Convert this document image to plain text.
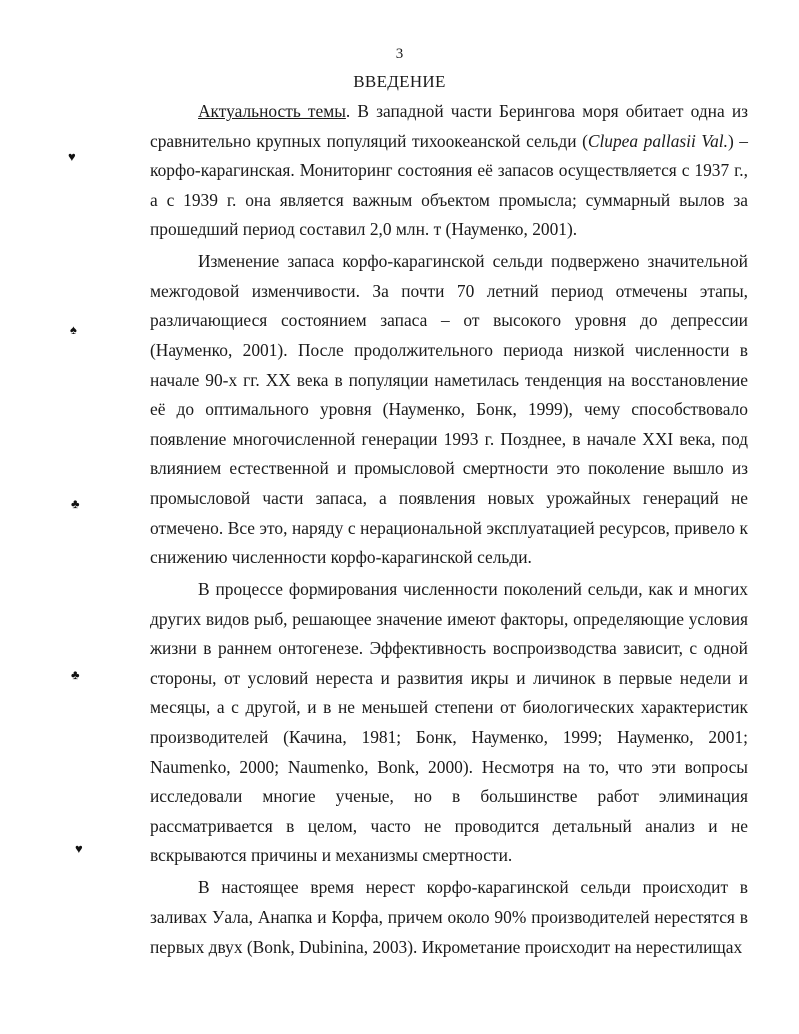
3
ВВЕДЕНИЕ

Актуальность темы. В западной части Берингова моря обитает одна из сравнительно крупных популяций тихоокеанской сельди (Clupea pallasii Val.) – корфо-карагинская. Мониторинг состояния её запасов осуществляется с 1937 г., а с 1939 г. она является важным объектом промысла; суммарный вылов за прошедший период составил 2,0 млн. т (Науменко, 2001).

Изменение запаса корфо-карагинской сельди подвержено значительной межгодовой изменчивости. За почти 70 летний период отмечены этапы, различающиеся состоянием запаса – от высокого уровня до депрессии (Науменко, 2001). После продолжительного периода низкой численности в начале 90-х гг. XX века в популяции наметилась тенденция на восстановление её до оптимального уровня (Науменко, Бонк, 1999), чему способствовало появление многочисленной генерации 1993 г. Позднее, в начале XXI века, под влиянием естественной и промысловой смертности это поколение вышло из промысловой части запаса, а появления новых урожайных генераций не отмечено. Все это, наряду с нерациональной эксплуатацией ресурсов, привело к снижению численности корфо-карагинской сельди.

В процессе формирования численности поколений сельди, как и многих других видов рыб, решающее значение имеют факторы, определяющие условия жизни в раннем онтогенезе. Эффективность воспроизводства зависит, с одной стороны, от условий нереста и развития икры и личинок в первые недели и месяцы, а с другой, и в не меньшей степени от биологических характеристик производителей (Качина, 1981; Бонк, Науменко, 1999; Науменко, 2001; Naumenko, 2000; Naumenko, Bonk, 2000). Несмотря на то, что эти вопросы исследовали многие ученые, но в большинстве работ элиминация рассматривается в целом, часто не проводится детальный анализ и не вскрываются причины и механизмы смертности.

В настоящее время нерест корфо-карагинской сельди происходит в заливах Уала, Анапка и Корфа, причем около 90% производителей нерестятся в первых двух (Bonk, Dubinina, 2003). Икрометание происходит на нерестилищах

♥
♠
♣
♣
♥
